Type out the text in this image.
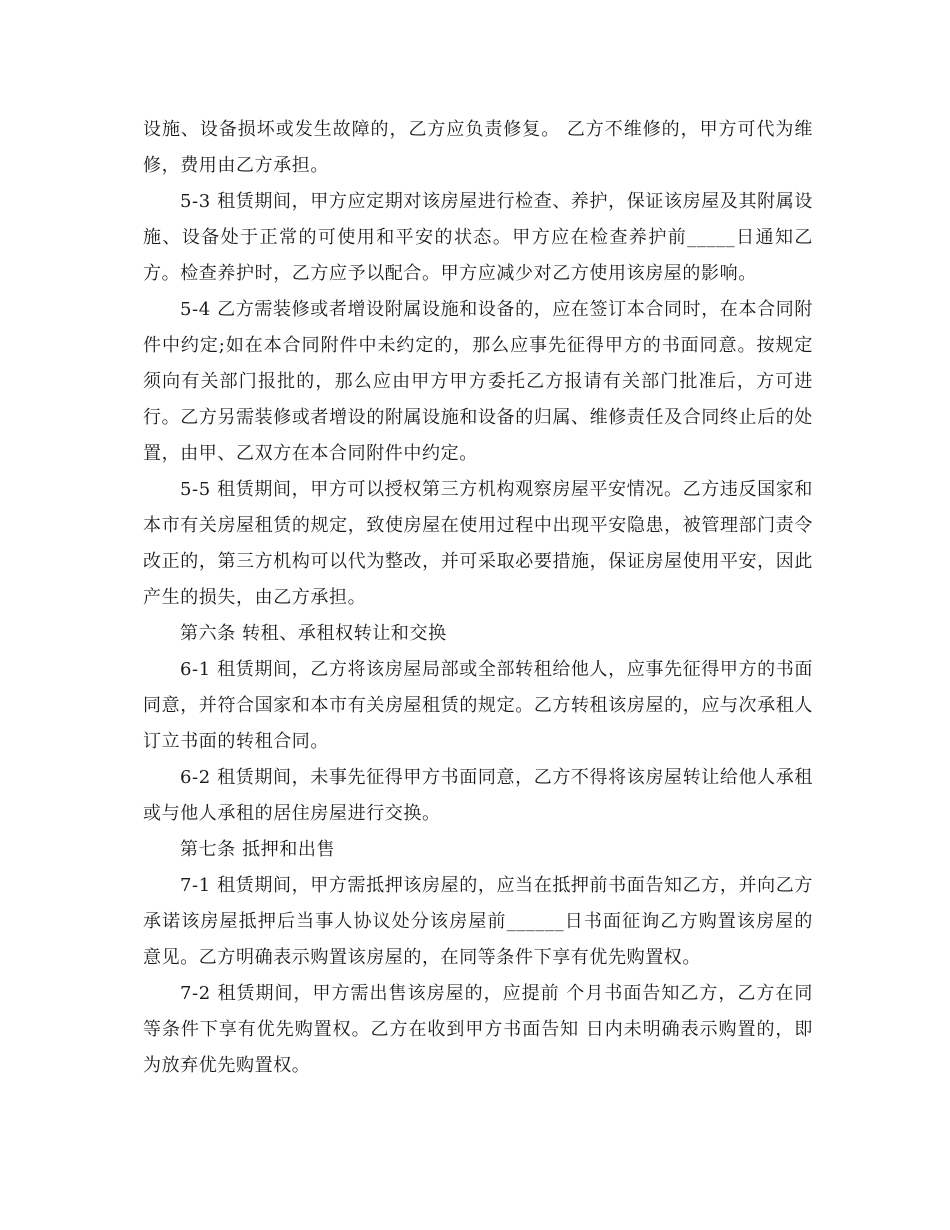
设施、设备损坏或发生故障的，乙方应负责修复。 乙方不维修的，甲方可代为维修，费用由乙方承担。

5-3 租赁期间，甲方应定期对该房屋进行检查、养护，保证该房屋及其附属设施、设备处于正常的可使用和平安的状态。甲方应在检查养护前_____日通知乙方。检查养护时，乙方应予以配合。甲方应减少对乙方使用该房屋的影响。

5-4 乙方需装修或者增设附属设施和设备的，应在签订本合同时，在本合同附件中约定;如在本合同附件中未约定的，那么应事先征得甲方的书面同意。按规定须向有关部门报批的，那么应由甲方甲方委托乙方报请有关部门批准后，方可进行。乙方另需装修或者增设的附属设施和设备的归属、维修责任及合同终止后的处置，由甲、乙双方在本合同附件中约定。

5-5 租赁期间，甲方可以授权第三方机构观察房屋平安情况。乙方违反国家和本市有关房屋租赁的规定，致使房屋在使用过程中出现平安隐患，被管理部门责令改正的，第三方机构可以代为整改，并可采取必要措施，保证房屋使用平安，因此产生的损失，由乙方承担。

第六条 转租、承租权转让和交换

6-1 租赁期间，乙方将该房屋局部或全部转租给他人，应事先征得甲方的书面同意，并符合国家和本市有关房屋租赁的规定。乙方转租该房屋的，应与次承租人订立书面的转租合同。

6-2 租赁期间，未事先征得甲方书面同意，乙方不得将该房屋转让给他人承租或与他人承租的居住房屋进行交换。

第七条 抵押和出售

7-1 租赁期间，甲方需抵押该房屋的，应当在抵押前书面告知乙方，并向乙方承诺该房屋抵押后当事人协议处分该房屋前______日书面征询乙方购置该房屋的意见。乙方明确表示购置该房屋的，在同等条件下享有优先购置权。

7-2 租赁期间，甲方需出售该房屋的，应提前 个月书面告知乙方，乙方在同等条件下享有优先购置权。乙方在收到甲方书面告知 日内未明确表示购置的，即为放弃优先购置权。
